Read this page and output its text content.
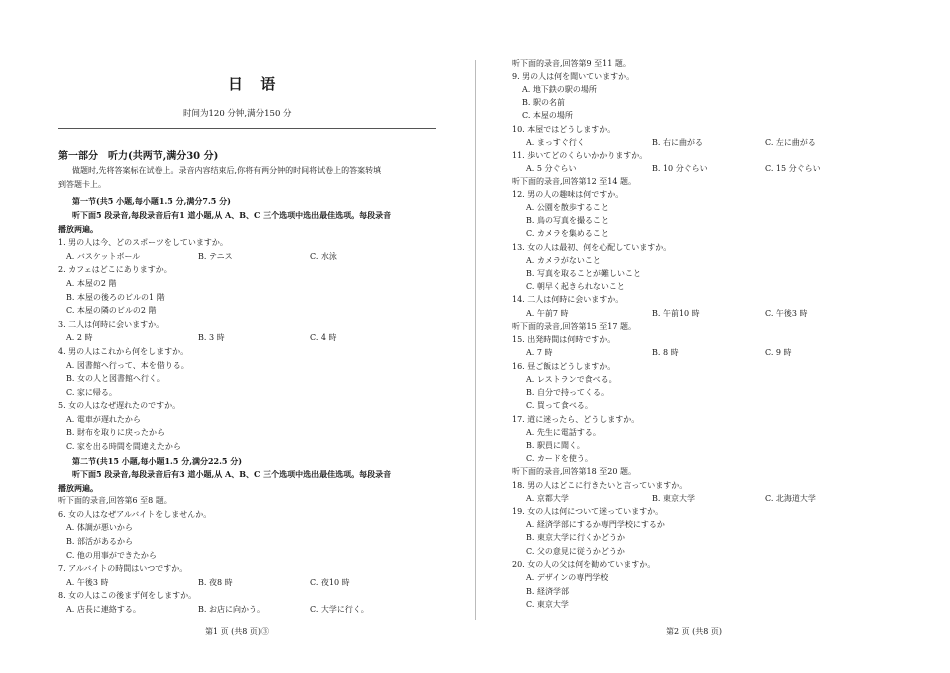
日 语
时间为120 分钟,满分150 分
第一部分　听力(共两节,满分30 分)
做题时,先将答案标在试卷上。录音内容结束后,你将有两分钟的时间将试卷上的答案转填
到答题卡上。
第一节(共5 小题,每小题1.5 分,满分7.5 分)
听下面5 段录音,每段录音后有1 道小题,从 A、B、C 三个选项中选出最佳选项。每段录音
播放两遍。
1. 男の人は今、どのスポーツをしていますか。
A. バスケットボール	B. テニス	C. 水泳
2. カフェはどこにありますか。
A. 本屋の2 階
B. 本屋の後ろのビルの1 階
C. 本屋の隣のビルの2 階
3. 二人は何時に会いますか。
A. 2 時	B. 3 時	C. 4 時
4. 男の人はこれから何をしますか。
A. 図書館へ行って、本を借りる。
B. 女の人と図書館へ行く。
C. 家に帰る。
5. 女の人はなぜ遅れたのですか。
A. 電車が遅れたから
B. 財布を取りに戻ったから
C. 家を出る時間を間違えたから
第二节(共15 小题,每小题1.5 分,满分22.5 分)
听下面5 段录音,每段录音后有3 道小题,从 A、B、C 三个选项中选出最佳选项。每段录音
播放两遍。
听下面的录音,回答第6 至8 题。
6. 女の人はなぜアルバイトをしませんか。
A. 体調が悪いから
B. 部活があるから
C. 他の用事ができたから
7. アルバイトの時間はいつですか。
A. 午後3 時	B. 夜8 時	C. 夜10 時
8. 女の人はこの後まず何をしますか。
A. 店長に連絡する。	B. お店に向かう。	C. 大学に行く。
第1 页 (共8 页)③
听下面的录音,回答第9 至11 题。
9. 男の人は何を聞いていますか。
A. 地下鉄の駅の場所
B. 駅の名前
C. 本屋の場所
10. 本屋ではどうしますか。
A. まっすぐ行く	B. 右に曲がる	C. 左に曲がる
11. 歩いてどのくらいかかりますか。
A. 5 分ぐらい	B. 10 分ぐらい	C. 15 分ぐらい
听下面的录音,回答第12 至14 题。
12. 男の人の趣味は何ですか。
A. 公園を散歩すること
B. 鳥の写真を撮ること
C. カメラを集めること
13. 女の人は最初、何を心配していますか。
A. カメラがないこと
B. 写真を取ることが難しいこと
C. 朝早く起きられないこと
14. 二人は何時に会いますか。
A. 午前7 時	B. 午前10 時	C. 午後3 時
听下面的录音,回答第15 至17 题。
15. 出発時間は何時ですか。
A. 7 時	B. 8 時	C. 9 時
16. 昼ご飯はどうしますか。
A. レストランで食べる。
B. 自分で持ってくる。
C. 買って食べる。
17. 道に迷ったら、どうしますか。
A. 先生に電話する。
B. 駅員に聞く。
C. カードを使う。
听下面的录音,回答第18 至20 题。
18. 男の人はどこに行きたいと言っていますか。
A. 京都大学	B. 東京大学	C. 北海道大学
19. 女の人は何について迷っていますか。
A. 経済学部にするか専門学校にするか
B. 東京大学に行くかどうか
C. 父の意見に従うかどうか
20. 女の人の父は何を勧めていますか。
A. デザインの専門学校
B. 経済学部
C. 東京大学
第2 页 (共8 页)
